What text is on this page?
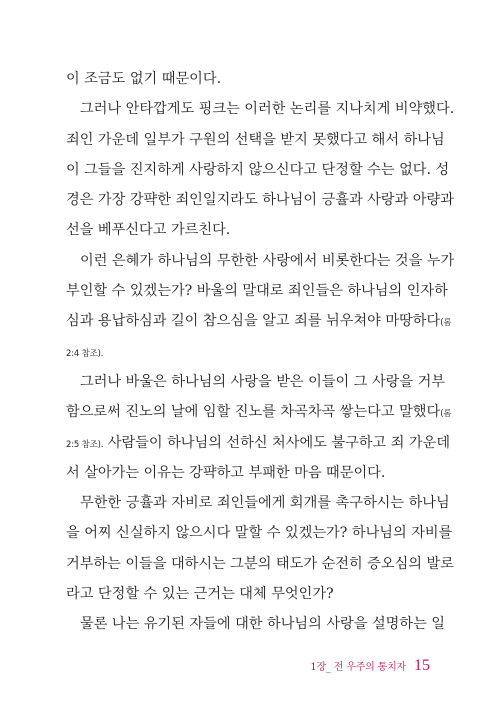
이 조금도 없기 때문이다.
그러나 안타깝게도 핑크는 이러한 논리를 지나치게 비약했다.
죄인 가운데 일부가 구원의 선택을 받지 못했다고 해서 하나님
이 그들을 진지하게 사랑하지 않으신다고 단정할 수는 없다. 성
경은 가장 강퍅한 죄인일지라도 하나님이 긍휼과 사랑과 아량과
선을 베푸신다고 가르친다.
이런 은혜가 하나님의 무한한 사랑에서 비롯한다는 것을 누가
부인할 수 있겠는가? 바울의 말대로 죄인들은 하나님의 인자하
심과 용납하심과 길이 참으심을 알고 죄를 뉘우쳐야 마땅하다(롬
2:4 참조).
그러나 바울은 하나님의 사랑을 받은 이들이 그 사랑을 거부
함으로써 진노의 날에 임할 진노를 차곡차곡 쌓는다고 말했다(롬
2:5 참조). 사람들이 하나님의 선하신 처사에도 불구하고 죄 가운데
서 살아가는 이유는 강퍅하고 부패한 마음 때문이다.
무한한 긍휼과 자비로 죄인들에게 회개를 촉구하시는 하나님
을 어찌 신실하지 않으시다 말할 수 있겠는가? 하나님의 자비를
거부하는 이들을 대하시는 그분의 태도가 순전히 증오심의 발로
라고 단정할 수 있는 근거는 대체 무엇인가?
물론 나는 유기된 자들에 대한 하나님의 사랑을 설명하는 일
1장_ 전 우주의 통치자 15
